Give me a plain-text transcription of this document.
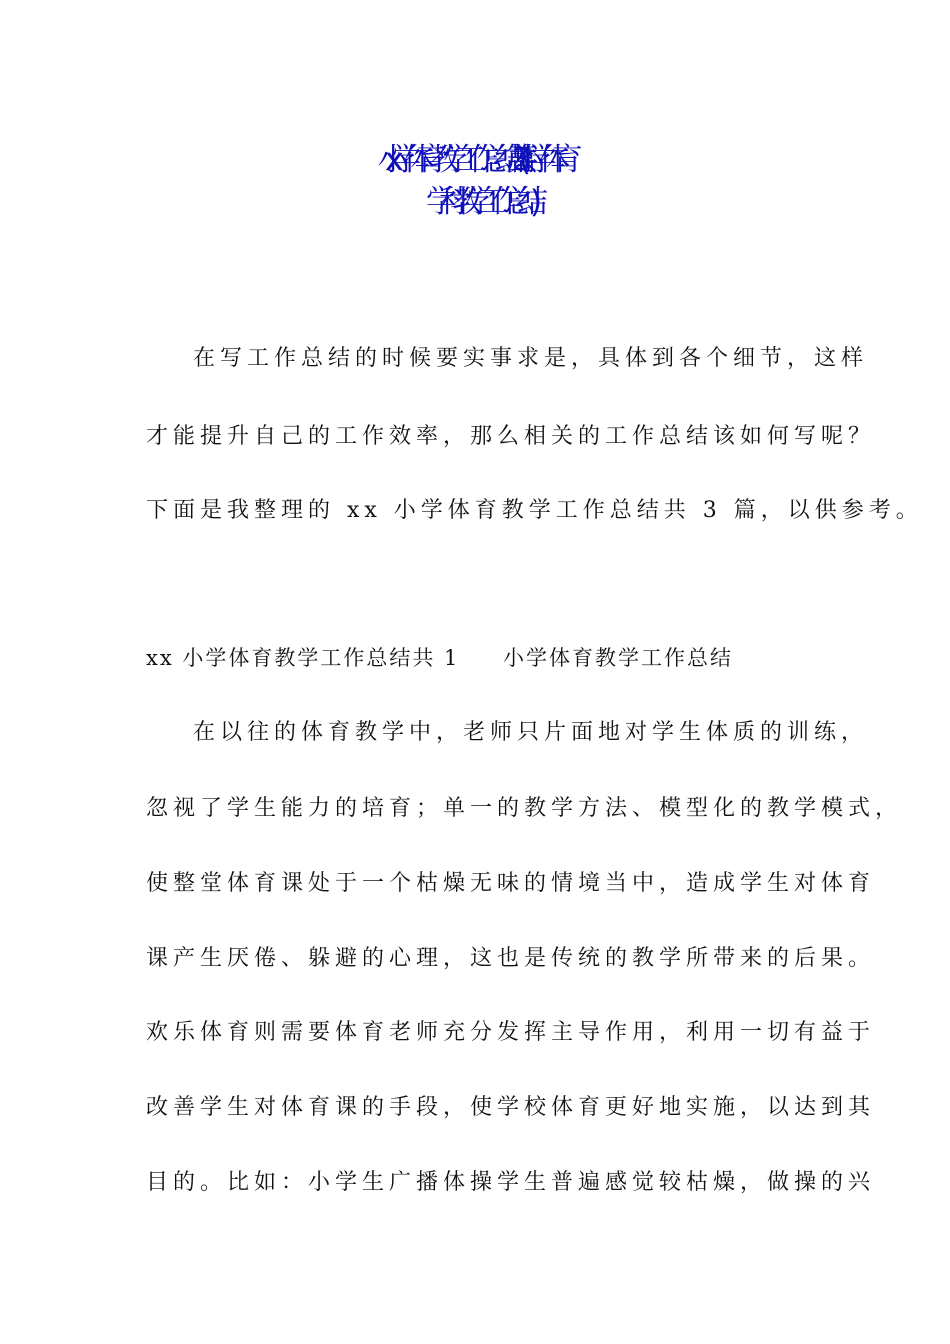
xx 小学体育教学工作总结共 3 篇(小学体育
学科教学工作总结)
在写工作总结的时候要实事求是，具体到各个细节，这样
才能提升自己的工作效率，那么相关的工作总结该如何写呢？
下面是我整理的 xx 小学体育教学工作总结共 3 篇，以供参考。
xx 小学体育教学工作总结共 1 小学体育教学工作总结
在以往的体育教学中，老师只片面地对学生体质的训练，
忽视了学生能力的培育；单一的教学方法、模型化的教学模式，
使整堂体育课处于一个枯燥无味的情境当中，造成学生对体育
课产生厌倦、躲避的心理，这也是传统的教学所带来的后果。
欢乐体育则需要体育老师充分发挥主导作用，利用一切有益于
改善学生对体育课的手段，使学校体育更好地实施，以达到其
目的。比如：小学生广播体操学生普遍感觉较枯燥，做操的兴
